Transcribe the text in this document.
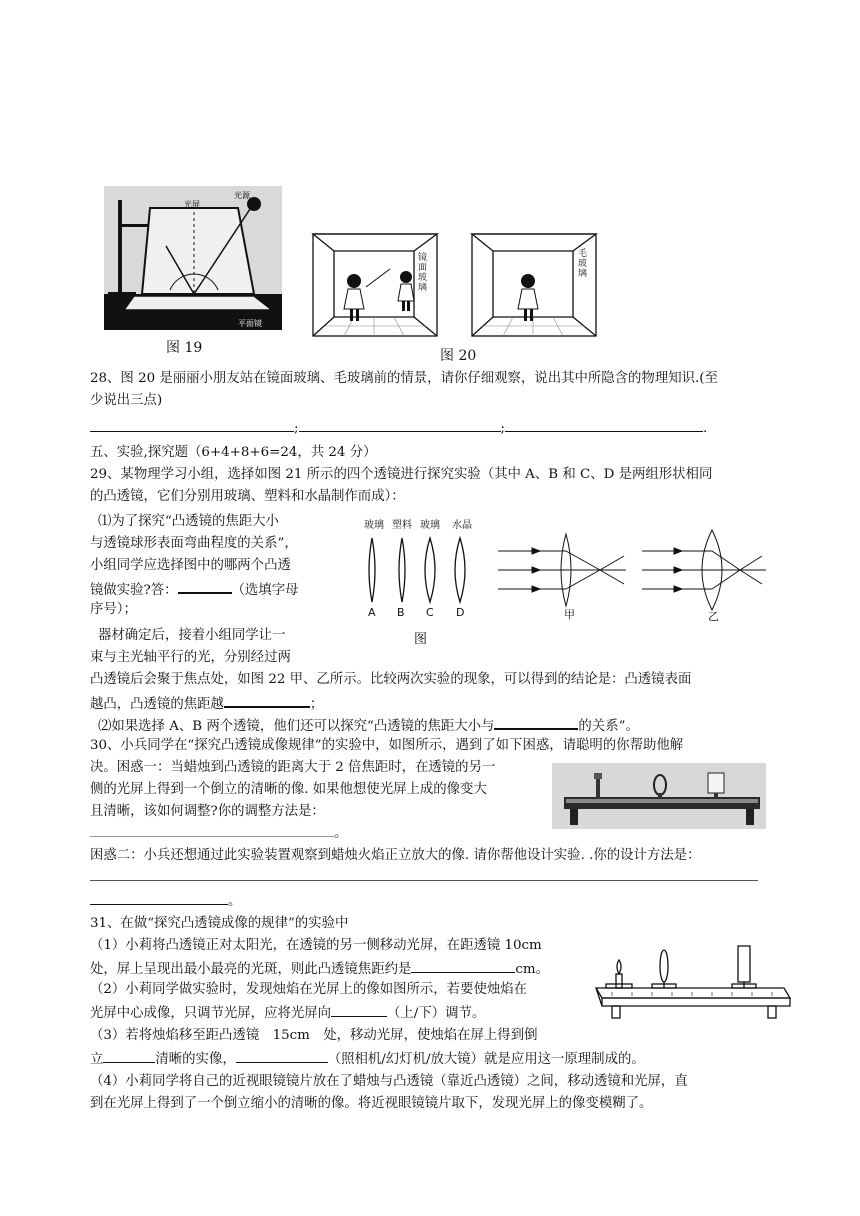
光屏
光源
平面镜
图 19
镜面玻璃
毛玻璃
图 20
28、图 20 是丽丽小朋友站在镜面玻璃、毛玻璃前的情景，请你仔细观察，说出其中所隐含的物理知识.(至
少说出三点)
;	;	.
五、实验,探究题（6+4+8+6=24，共 24 分）
29、某物理学习小组，选择如图 21 所示的四个透镜进行探究实验（其中 A、B 和 C、D 是两组形状相同
的凸透镜，它们分别用玻璃、塑料和水晶制作而成）：
⑴为了探究“凸透镜的焦距大小
与透镜球形表面弯曲程度的关系”，
小组同学应选择图中的哪两个凸透
镜做实验?答：	（选填字母
序号）；
器材确定后，接着小组同学让一
束与主光轴平行的光，分别经过两
凸透镜后会聚于焦点处，如图 22 甲、乙所示。比较两次实验的现象，可以得到的结论是：凸透镜表面
越凸，凸透镜的焦距越	；
⑵如果选择 A、B 两个透镜，他们还可以探究“凸透镜的焦距大小与	的关系”。
玻璃 塑料 玻璃 水晶
A B C D	甲	乙
图
30、小兵同学在“探究凸透镜成像规律”的实验中，如图所示，遇到了如下困惑，请聪明的你帮助他解
决。困惑一：当蜡烛到凸透镜的距离大于 2 倍焦距时，在透镜的另一
侧的光屏上得到一个倒立的清晰的像. 如果他想使光屏上成的像变大
且清晰，该如何调整?你的调整方法是：
。
困惑二：小兵还想通过此实验装置观察到蜡烛火焰正立放大的像. 请你帮他设计实验. .你的设计方法是：
。
31、在做“探究凸透镜成像的规律”的实验中
（1）小莉将凸透镜正对太阳光，在透镜的另一侧移动光屏，在距透镜 10cm
处，屏上呈现出最小最亮的光斑，则此凸透镜焦距约是	cm。
（2）小莉同学做实验时，发现烛焰在光屏上的像如图所示，若要使烛焰在
光屏中心成像，只调节光屏，应将光屏向	（上/下）调节。
（3）若将烛焰移至距凸透镜　15cm　处，移动光屏，使烛焰在屏上得到倒
立	清晰的实像，	（照相机/幻灯机/放大镜）就是应用这一原理制成的。
（4）小莉同学将自己的近视眼镜镜片放在了蜡烛与凸透镜（靠近凸透镜）之间，移动透镜和光屏，直
到在光屏上得到了一个倒立缩小的清晰的像。将近视眼镜镜片取下，发现光屏上的像变模糊了。
